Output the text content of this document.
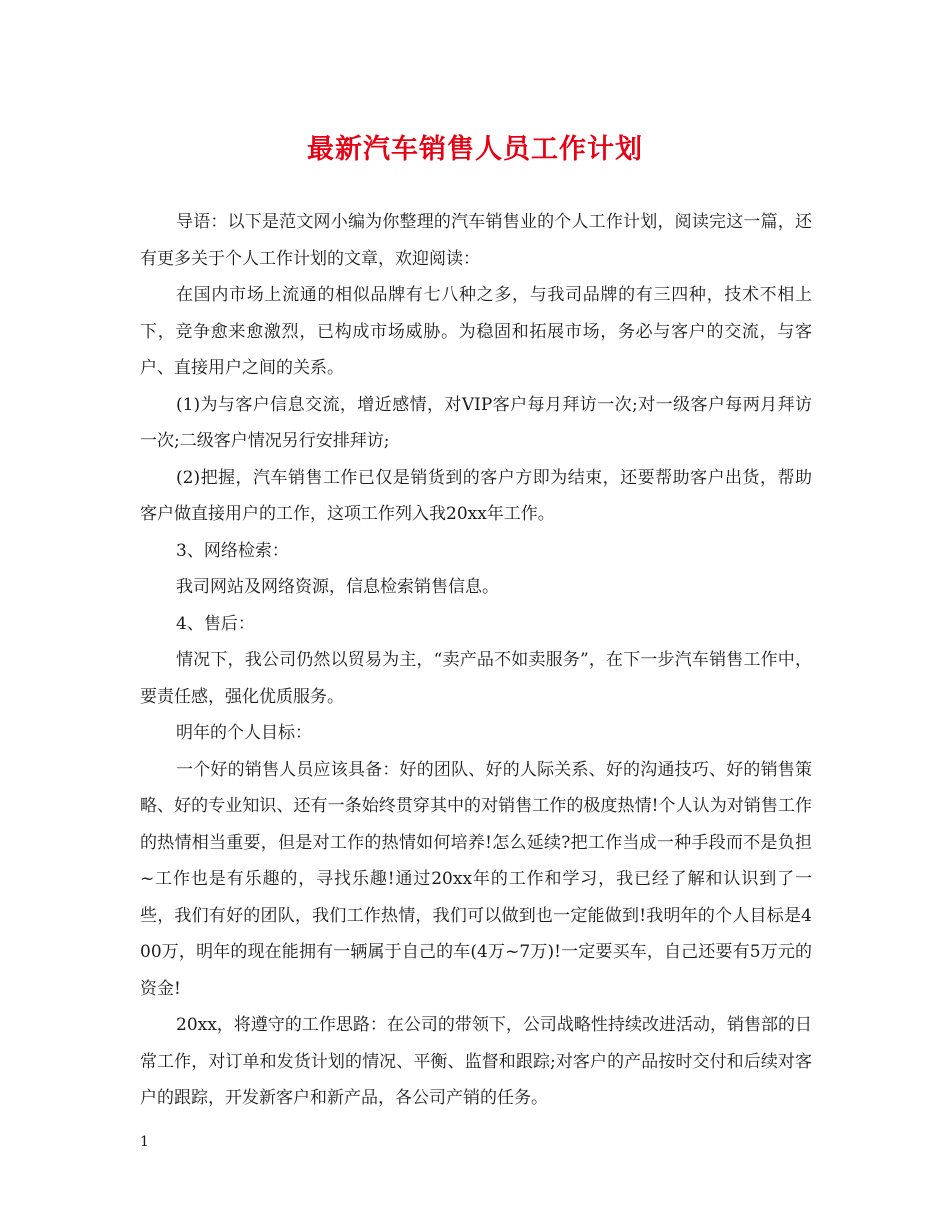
最新汽车销售人员工作计划

导语：以下是范文网小编为你整理的汽车销售业的个人工作计划，阅读完这一篇，还有更多关于个人工作计划的文章，欢迎阅读：

在国内市场上流通的相似品牌有七八种之多，与我司品牌的有三四种，技术不相上下，竞争愈来愈激烈，已构成市场威胁。为稳固和拓展市场，务必与客户的交流，与客户、直接用户之间的关系。

(1)为与客户信息交流，增近感情，对VIP客户每月拜访一次;对一级客户每两月拜访一次;二级客户情况另行安排拜访;

(2)把握，汽车销售工作已仅是销货到的客户方即为结束，还要帮助客户出货，帮助客户做直接用户的工作，这项工作列入我20xx年工作。

3、网络检索：

我司网站及网络资源，信息检索销售信息。

4、售后：

情况下，我公司仍然以贸易为主，“卖产品不如卖服务”，在下一步汽车销售工作中，要责任感，强化优质服务。

明年的个人目标：

一个好的销售人员应该具备：好的团队、好的人际关系、好的沟通技巧、好的销售策略、好的专业知识、还有一条始终贯穿其中的对销售工作的极度热情!个人认为对销售工作的热情相当重要，但是对工作的热情如何培养!怎么延续?把工作当成一种手段而不是负担~工作也是有乐趣的，寻找乐趣!通过20xx年的工作和学习，我已经了解和认识到了一些，我们有好的团队，我们工作热情，我们可以做到也一定能做到!我明年的个人目标是400万，明年的现在能拥有一辆属于自己的车(4万~7万)!一定要买车，自己还要有5万元的资金!

20xx，将遵守的工作思路：在公司的带领下，公司战略性持续改进活动，销售部的日常工作，对订单和发货计划的情况、平衡、监督和跟踪;对客户的产品按时交付和后续对客户的跟踪，开发新客户和新产品，各公司产销的任务。

1
